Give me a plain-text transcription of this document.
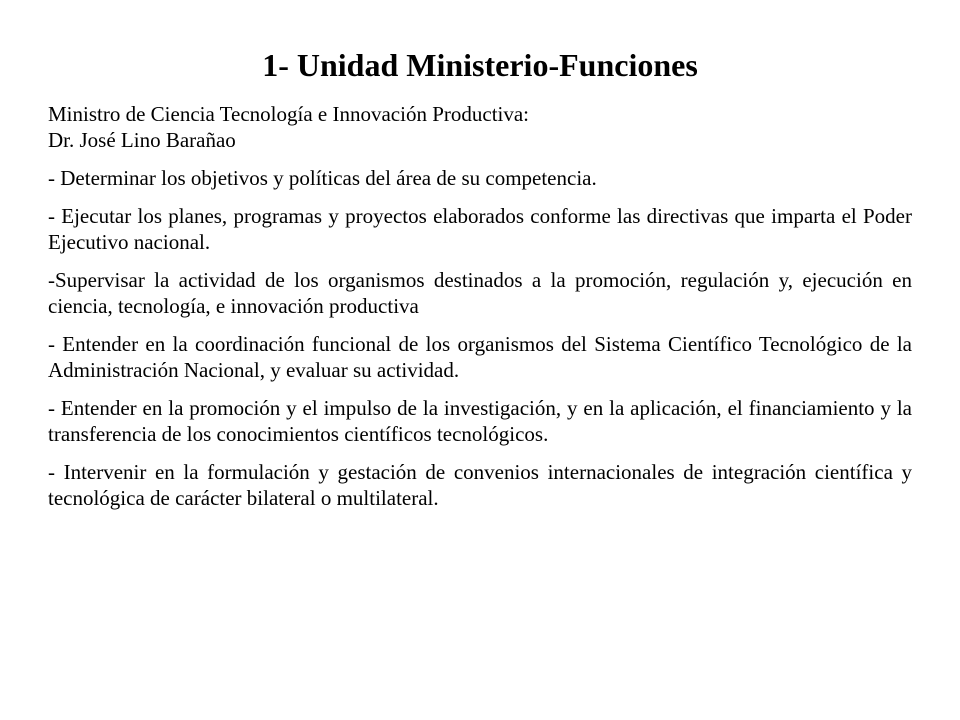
1- Unidad Ministerio-Funciones

Ministro de Ciencia Tecnología e Innovación Productiva:
Dr. José Lino Barañao

- Determinar los objetivos y políticas del área de su competencia.

- Ejecutar los planes, programas y proyectos elaborados conforme las directivas que imparta el Poder Ejecutivo nacional.

-Supervisar la actividad de los organismos destinados a la promoción, regulación y, ejecución en ciencia, tecnología, e innovación productiva

- Entender en la coordinación funcional de los organismos del Sistema Científico Tecnológico de la Administración Nacional, y evaluar su actividad.

- Entender en la promoción y el impulso de la investigación, y en la aplicación, el financiamiento y la transferencia de los conocimientos científicos tecnológicos.

- Intervenir en la formulación y gestación de convenios internacionales de integración científica y tecnológica de carácter bilateral o multilateral.
